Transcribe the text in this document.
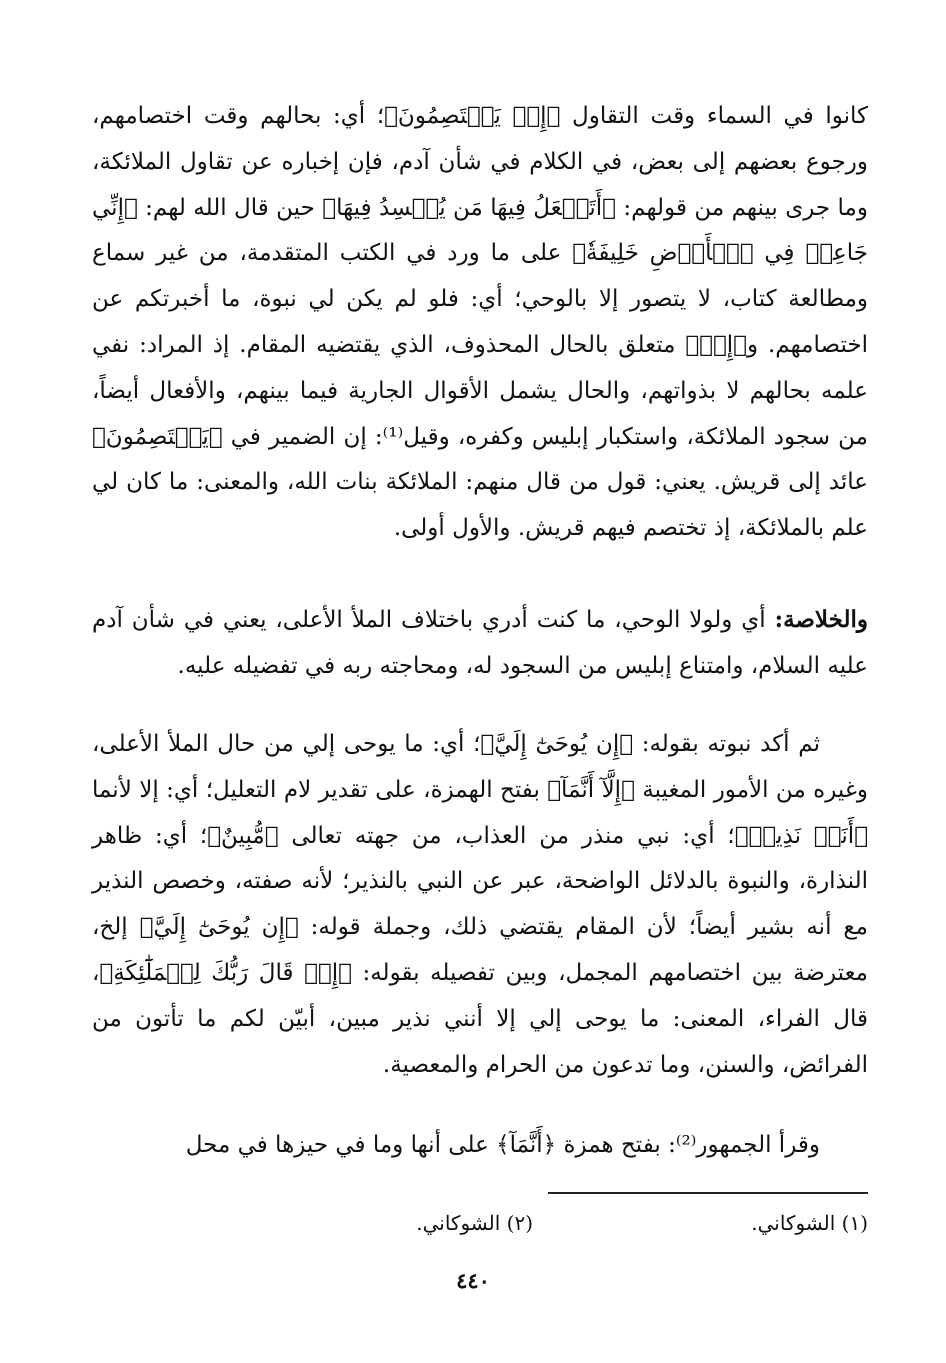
كانوا في السماء وقت التقاول ﴿إِذۡ يَخۡتَصِمُونَ﴾؛ أي: بحالهم وقت اختصامهم، ورجوع بعضهم إلى بعض، في الكلام في شأن آدم، فإن إخباره عن تقاول الملائكة، وما جرى بينهم من قولهم: ﴿أَتَجۡعَلُ فِيهَا مَن يُفۡسِدُ فِيهَا﴾ حين قال الله لهم: ﴿إِنِّي جَاعِلٞ فِي ٱلۡأَرۡضِ خَلِيفَةٗ﴾ على ما ورد في الكتب المتقدمة، من غير سماع ومطالعة كتاب، لا يتصور إلا بالوحي؛ أي: فلو لم يكن لي نبوة، ما أخبرتكم عن اختصامهم. و﴿إِذۡ﴾ متعلق بالحال المحذوف، الذي يقتضيه المقام. إذ المراد: نفي علمه بحالهم لا بذواتهم، والحال يشمل الأقوال الجارية فيما بينهم، والأفعال أيضاً، من سجود الملائكة، واستكبار إبليس وكفره، وقيل⁽¹⁾: إن الضمير في ﴿يَخۡتَصِمُونَ﴾ عائد إلى قريش. يعني: قول من قال منهم: الملائكة بنات الله، والمعنى: ما كان لي علم بالملائكة، إذ تختصم فيهم قريش. والأول أولى.

والخلاصة: أي ولولا الوحي، ما كنت أدري باختلاف الملأ الأعلى، يعني في شأن آدم عليه السلام، وامتناع إبليس من السجود له، ومحاجته ربه في تفضيله عليه.

ثم أكد نبوته بقوله: ﴿إِن يُوحَىٰٓ إِلَيَّ﴾؛ أي: ما يوحى إلي من حال الملأ الأعلى، وغيره من الأمور المغيبة ﴿إِلَّآ أَنَّمَآ﴾ بفتح الهمزة، على تقدير لام التعليل؛ أي: إلا لأنما ﴿أَنَا۠ نَذِيرٞ﴾؛ أي: نبي منذر من العذاب، من جهته تعالى ﴿مُّبِينٌ﴾؛ أي: ظاهر النذارة، والنبوة بالدلائل الواضحة، عبر عن النبي بالنذير؛ لأنه صفته، وخصص النذير مع أنه بشير أيضاً؛ لأن المقام يقتضي ذلك، وجملة قوله: ﴿إِن يُوحَىٰٓ إِلَيَّ﴾ إلخ، معترضة بين اختصامهم المجمل، وبين تفصيله بقوله: ﴿إِذۡ قَالَ رَبُّكَ لِلۡمَلَٰٓئِكَةِ﴾، قال الفراء، المعنى: ما يوحى إلي إلا أنني نذير مبين، أبيّن لكم ما تأتون من الفرائض، والسنن، وما تدعون من الحرام والمعصية.

وقرأ الجمهور⁽²⁾: بفتح همزة ﴿أَنَّمَآ﴾ على أنها وما في حيزها في محل

(١) الشوكاني.
(٢) الشوكاني.
٤٤٠
